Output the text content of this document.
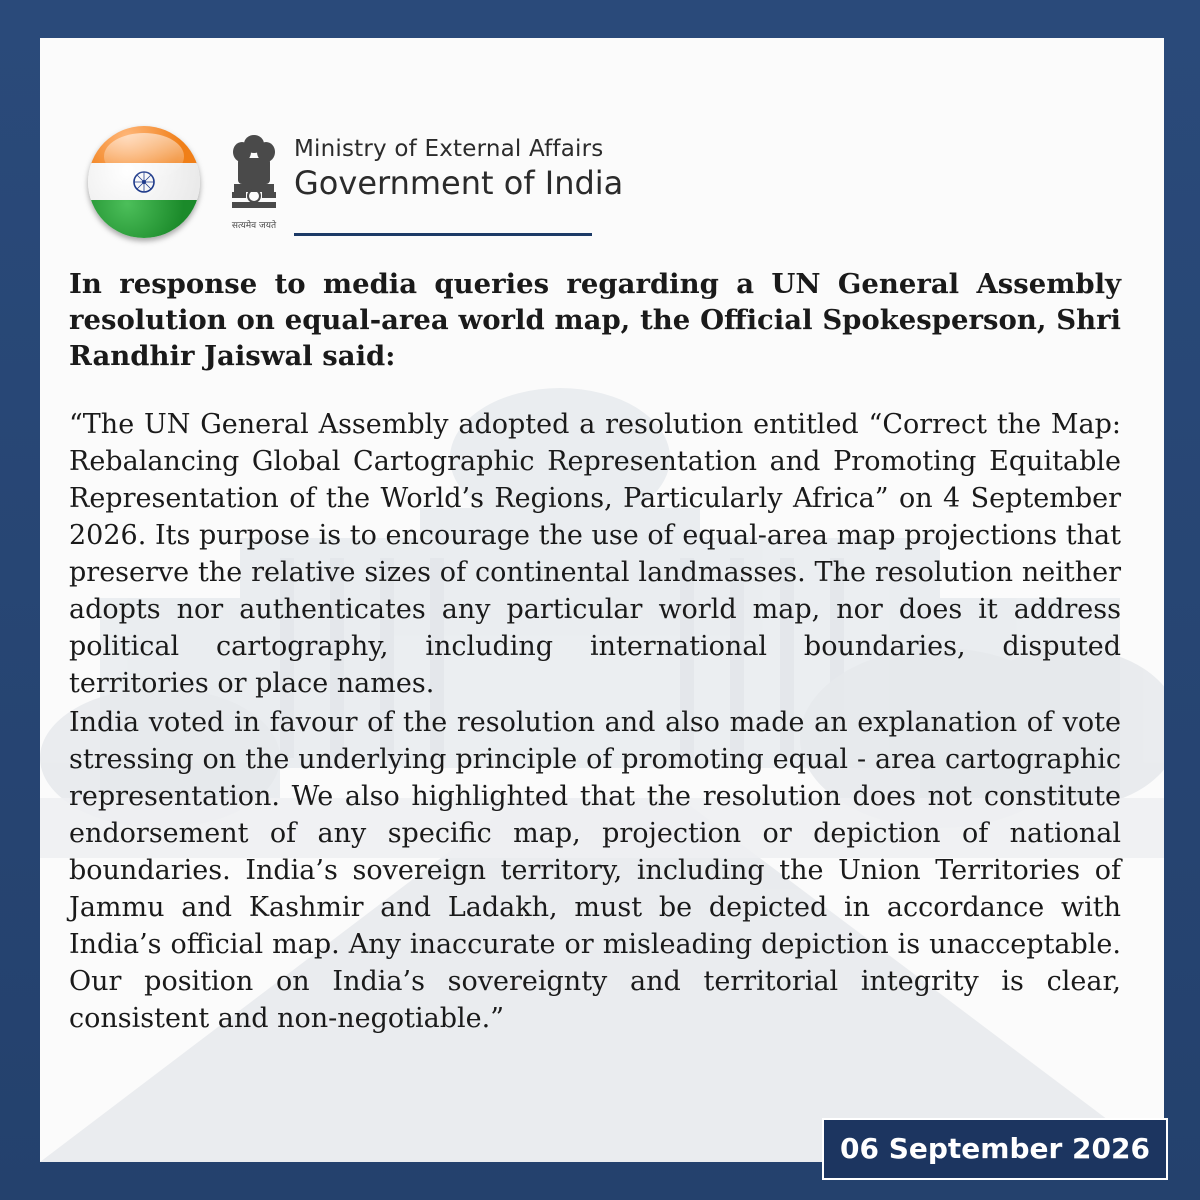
सत्यमेव जयते
Ministry of External Affairs
Government of India
In response to media queries regarding a UN General Assembly resolution on equal-area world map, the Official Spokesperson, Shri Randhir Jaiswal said:
“The UN General Assembly adopted a resolution entitled “Correct the Map: Rebalancing Global Cartographic Representation and Promoting Equitable Representation of the World’s Regions, Particularly Africa” on 4 September 2026. Its purpose is to encourage the use of equal-area map projections that preserve the relative sizes of continental landmasses. The resolution neither adopts nor authenticates any particular world map, nor does it address political cartography, including international boundaries, disputed territories or place names.
India voted in favour of the resolution and also made an explanation of vote stressing on the underlying principle of promoting equal - area cartographic representation. We also highlighted that the resolution does not constitute endorsement of any specific map, projection or depiction of national boundaries. India’s sovereign territory, including the Union Territories of Jammu and Kashmir and Ladakh, must be depicted in accordance with India’s official map. Any inaccurate or misleading depiction is unacceptable. Our position on India’s sovereignty and territorial integrity is clear, consistent and non-negotiable.”
06 September 2026
